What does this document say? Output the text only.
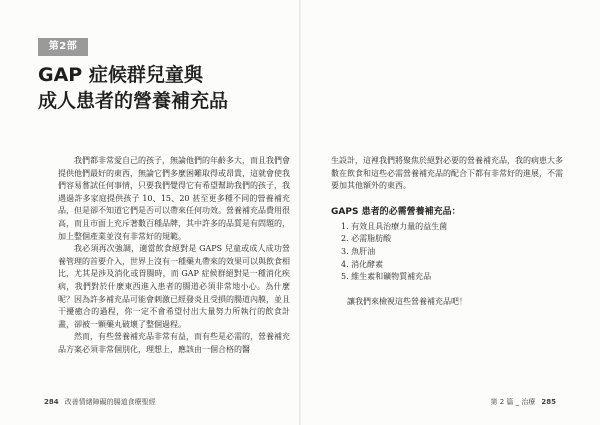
第2部
GAP 症候群兒童與
成人患者的營養補充品

我們都非常愛自己的孩子，無論他們的年齡多大，而且我們會提供他們最好的東西，無論它們多麼困難取得或昂貴，這就會使我們容易嘗試任何事情，只要我們覺得它有希望幫助我們的孩子，我遇過許多家庭提供孩子 10、15、20 甚至更多種不同的營養補充品，但是卻不知道它們是否可以帶來任何功效。營養補充品費用很高，而且市面上充斥著數百種品牌，其中許多的品質是有問題的，加上整個產業並沒有非常好的規範。

我必須再次強調，適當飲食絕對是 GAPS 兒童或成人成功營養管理的首要介入，世界上沒有一種藥丸帶來的效果可以與飲食相比，尤其是涉及消化或胃腸時，而 GAP 症候群絕對是一種消化疾病，我們對於什麼東西進入患者的腸道必須非常地小心。為什麼呢？因為許多補充品可能會刺激已經發炎且受損的腸道內膜，並且干擾癒合的過程，你一定不會希望付出大量努力所執行的飲食計畫，卻被一顆藥丸破壞了整個過程。

然而，有些營養補充品非常有益，而有些是必需的，營養補充品方案必須非常個別化，理想上，應該由一個合格的醫

284 改善情緒障礙的腸道食療聖經

生設計，這裡我們將聚焦於絕對必要的營養補充品，我的病患大多數在飲食和這些必需營養補充品的配合下都有非常好的進展，不需要加其他額外的東西。

GAPS 患者的必需營養補充品：
1. 有效且具治療力量的益生菌
2. 必需脂肪酸
3. 魚肝油
4. 消化酵素
5. 維生素和礦物質補充品

讓我們來檢視這些營養補充品吧！

第 2 篇 _ 治療 285
